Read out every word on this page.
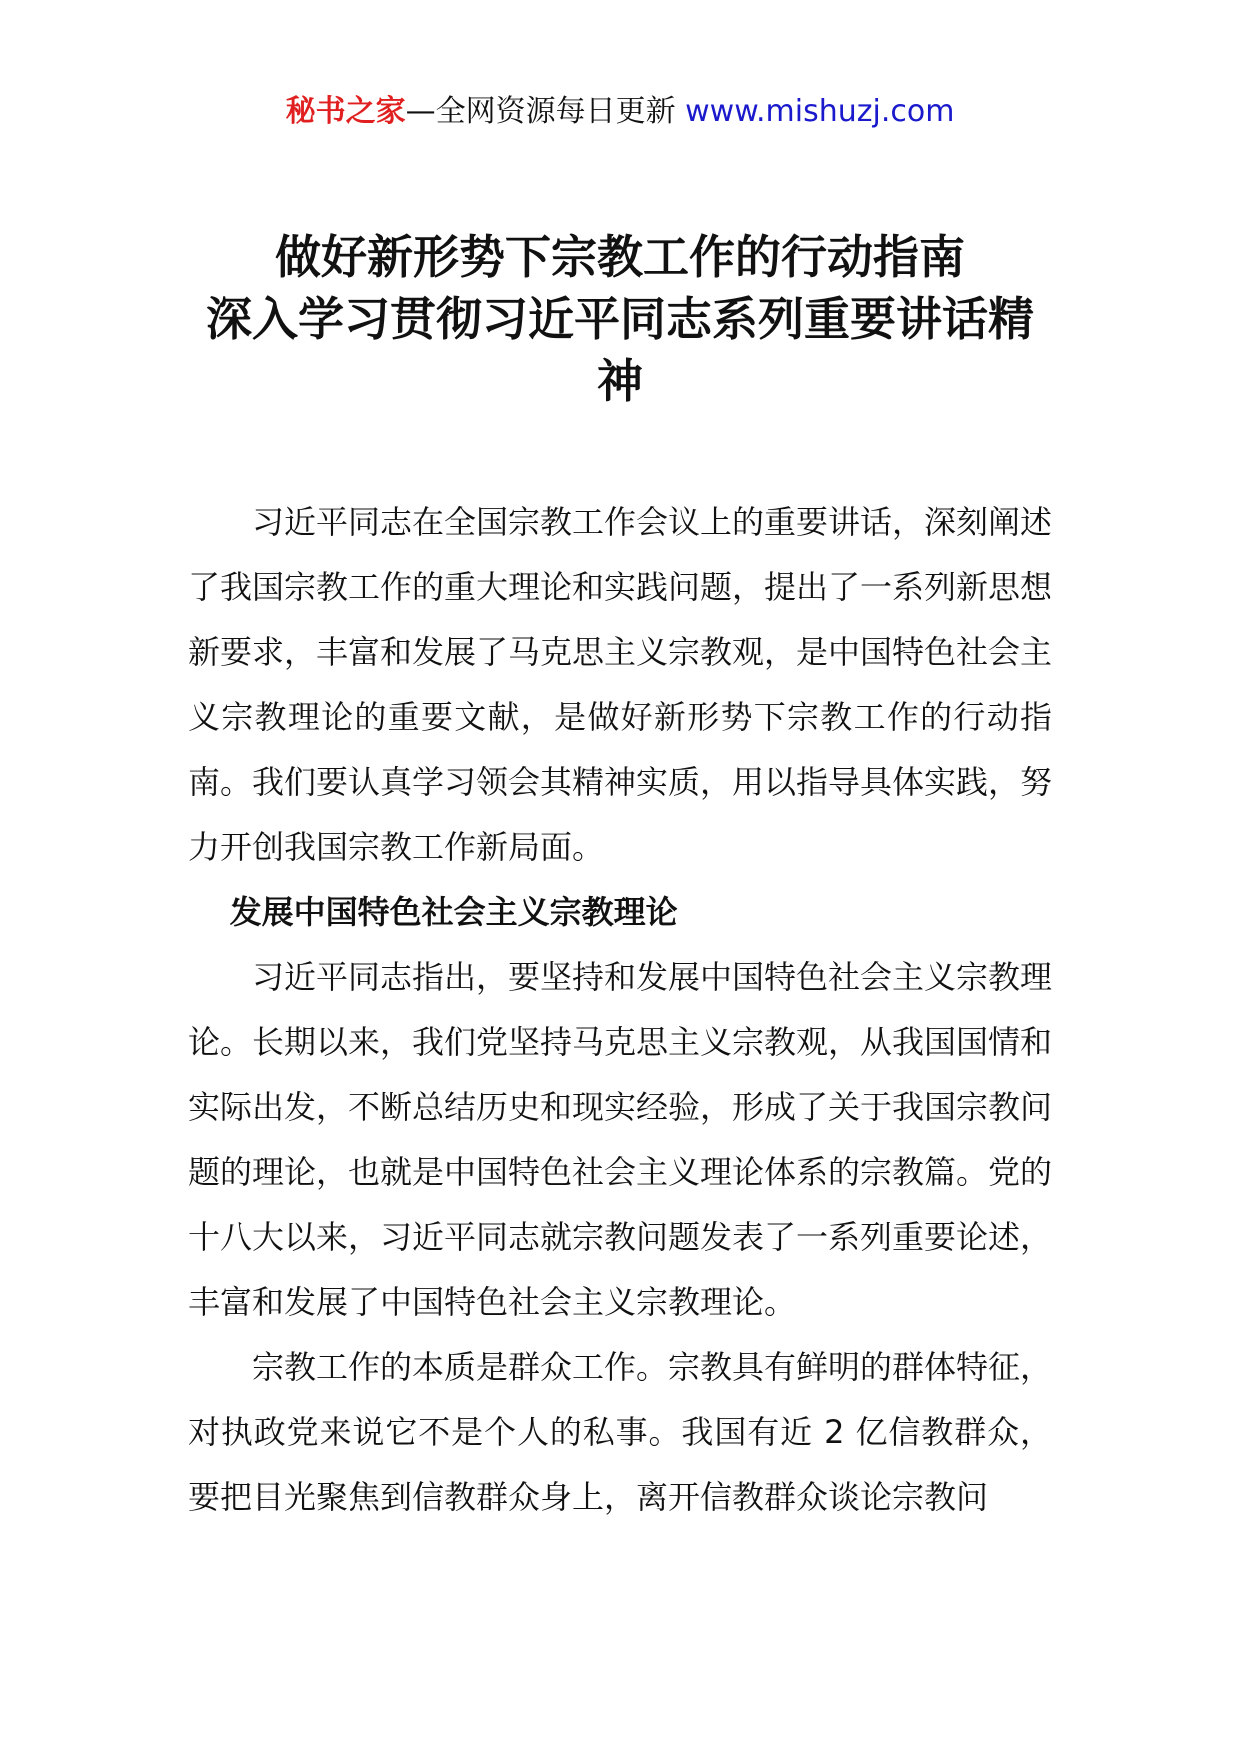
秘书之家—全网资源每日更新 www.mishuzj.com
做好新形势下宗教工作的行动指南
深入学习贯彻习近平同志系列重要讲话精
神

习近平同志在全国宗教工作会议上的重要讲话，深刻阐述了我国宗教工作的重大理论和实践问题，提出了一系列新思想新要求，丰富和发展了马克思主义宗教观，是中国特色社会主义宗教理论的重要文献，是做好新形势下宗教工作的行动指南。我们要认真学习领会其精神实质，用以指导具体实践，努力开创我国宗教工作新局面。

发展中国特色社会主义宗教理论

习近平同志指出，要坚持和发展中国特色社会主义宗教理论。长期以来，我们党坚持马克思主义宗教观，从我国国情和实际出发，不断总结历史和现实经验，形成了关于我国宗教问题的理论，也就是中国特色社会主义理论体系的宗教篇。党的十八大以来，习近平同志就宗教问题发表了一系列重要论述，丰富和发展了中国特色社会主义宗教理论。

宗教工作的本质是群众工作。宗教具有鲜明的群体特征，对执政党来说它不是个人的私事。我国有近 2 亿信教群众，要把目光聚焦到信教群众身上，离开信教群众谈论宗教问
